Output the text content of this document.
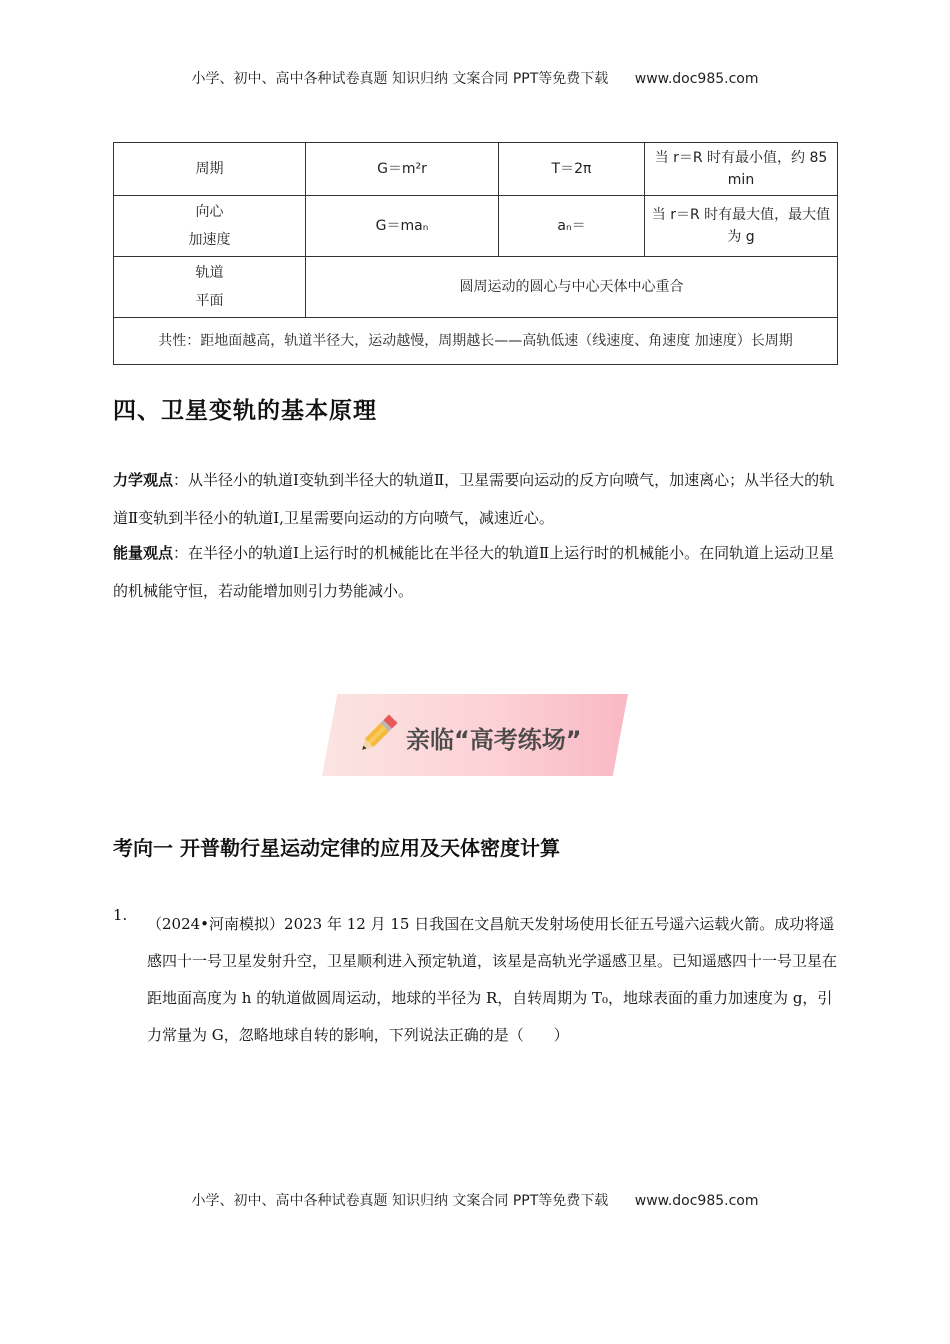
小学、初中、高中各种试卷真题 知识归纳 文案合同 PPT等免费下载 www.doc985.com
周期	G＝m²r	T＝2π	当 r＝R 时有最小值，约 85 min
向心
加速度	G＝maₙ	aₙ＝	当 r＝R 时有最大值，最大值为 g
轨道
平面	圆周运动的圆心与中心天体中心重合		
共性：距地面越高，轨道半径大，运动越慢，周期越长——高轨低速（线速度、角速度 加速度）长周期			
四、卫星变轨的基本原理
力学观点：从半径小的轨道Ⅰ变轨到半径大的轨道Ⅱ，卫星需要向运动的反方向喷气，加速离心；从半径大的轨道Ⅱ变轨到半径小的轨道Ⅰ,卫星需要向运动的方向喷气，减速近心。
能量观点：在半径小的轨道Ⅰ上运行时的机械能比在半径大的轨道Ⅱ上运行时的机械能小。在同轨道上运动卫星的机械能守恒，若动能增加则引力势能减小。
亲临“高考练场”
考向一 开普勒行星运动定律的应用及天体密度计算
1. （2024•河南模拟）2023 年 12 月 15 日我国在文昌航天发射场使用长征五号遥六运载火箭。成功将遥感四十一号卫星发射升空，卫星顺利进入预定轨道，该星是高轨光学遥感卫星。已知遥感四十一号卫星在距地面高度为 h 的轨道做圆周运动，地球的半径为 R，自转周期为 T₀，地球表面的重力加速度为 g，引力常量为 G，忽略地球自转的影响，下列说法正确的是（　　）
小学、初中、高中各种试卷真题 知识归纳 文案合同 PPT等免费下载 www.doc985.com
